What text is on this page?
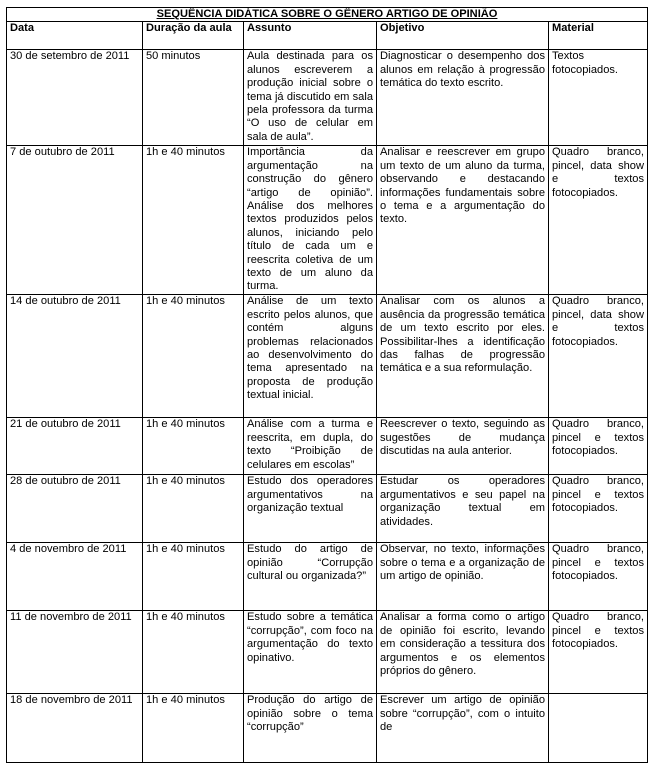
SEQUÊNCIA DIDÁTICA SOBRE O GÊNERO ARTIGO DE OPINIÃO				
Data	Duração da aula	Assunto	Objetivo	Material
30 de setembro de 2011	50 minutos	Aula destinada para os alunos escreverem a produção inicial sobre o tema já discutido em sala pela professora da turma “O uso de celular em sala de aula”.	Diagnosticar o desempenho dos alunos em relação à progressão temática do texto escrito.	Textos fotocopiados.
7 de outubro de 2011	1h e 40 minutos	Importância da argumentação na construção do gênero “artigo de opinião”. Análise dos melhores textos produzidos pelos alunos, iniciando pelo título de cada um e reescrita coletiva de um texto de um aluno da turma.	Analisar e reescrever em grupo um texto de um aluno da turma, observando e destacando informações fundamentais sobre o tema e a argumentação do texto.	Quadro branco, pincel, data show e textos fotocopiados.
14 de outubro de 2011	1h e 40 minutos	Análise de um texto escrito pelos alunos, que contém alguns problemas relacionados ao desenvolvimento do tema apresentado na proposta de produção textual inicial.	Analisar com os alunos a ausência da progressão temática de um texto escrito por eles. Possibilitar-lhes a identificação das falhas de progressão temática e a sua reformulação.	Quadro branco, pincel, data show e textos fotocopiados.
21 de outubro de 2011	1h e 40 minutos	Análise com a turma e reescrita, em dupla, do texto “Proibição de celulares em escolas”	Reescrever o texto, seguindo as sugestões de mudança discutidas na aula anterior.	Quadro branco, pincel e textos fotocopiados.
28 de outubro de 2011	1h e 40 minutos	Estudo dos operadores argumentativos na organização textual	Estudar os operadores argumentativos e seu papel na organização textual em atividades.	Quadro branco, pincel e textos fotocopiados.
4 de novembro de 2011	1h e 40 minutos	Estudo do artigo de opinião “Corrupção cultural ou organizada?”	Observar, no texto, informações sobre o tema e a organização de um artigo de opinião.	Quadro branco, pincel e textos fotocopiados.
11 de novembro de 2011	1h e 40 minutos	Estudo sobre a temática “corrupção”, com foco na argumentação do texto opinativo.	Analisar a forma como o artigo de opinião foi escrito, levando em consideração a tessitura dos argumentos e os elementos próprios do gênero.	Quadro branco, pincel e textos fotocopiados.
18 de novembro de 2011	1h e 40 minutos	Produção do artigo de opinião sobre o tema “corrupção”	Escrever um artigo de opinião sobre “corrupção”, com o intuito de	
